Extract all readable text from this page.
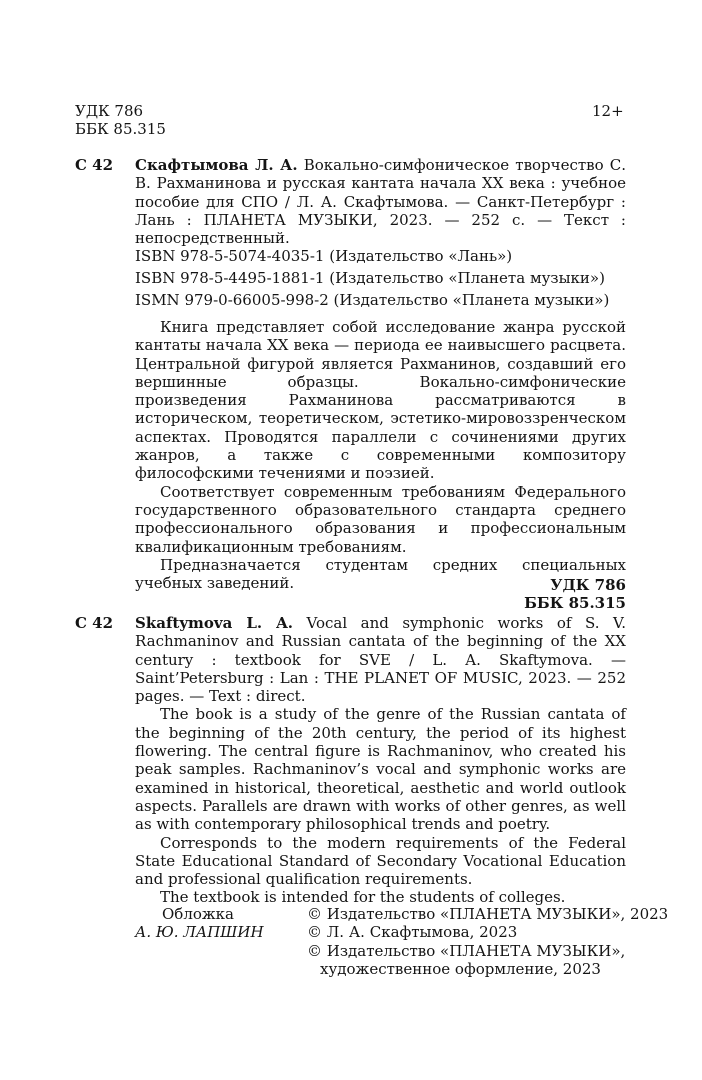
УДК 786
ББК 85.315
12+
С 42 Скафтымова Л. А. Вокально-симфоническое творчество С. В. Рахманинова и русская кантата начала XX века : учебное пособие для СПО / Л. А. Скафтымова. — Санкт-Петербург : Лань : ПЛАНЕТА МУЗЫКИ, 2023. — 252 с. — Текст : непосредственный.

ISBN 978-5-5074-4035-1 (Издательство «Лань»)

ISBN 978-5-4495-1881-1 (Издательство «Планета музыки»)

ISMN 979-0-66005-998-2 (Издательство «Планета музыки»)

Книга представляет собой исследование жанра русской кантаты начала XX века — периода ее наивысшего расцвета. Центральной фигурой является Рахманинов, создавший его вершинные образцы. Вокально-симфонические произведения Рахманинова рассматриваются в историческом, теоретическом, эстетико-мировоззренческом аспектах. Проводятся параллели с сочинениями других жанров, а также с современными композитору философскими течениями и поэзией.

Соответствует современным требованиям Федерального государственного образовательного стандарта среднего профессионального образования и профессиональным квалификационным требованиям.

Предназначается студентам средних специальных учебных заведений.	УДК 786
ББК 85.315
С 42 Skaftymova L. A. Vocal and symphonic works of S. V. Rachmaninov and Russian cantata of the beginning of the XX century : textbook for SVE / L. A. Skaftymova. — Saint’Petersburg : Lan : THE PLANET OF MUSIC, 2023. — 252 pages. — Text : direct.

The book is a study of the genre of the Russian cantata of the beginning of the 20th century, the period of its highest flowering. The central figure is Rachmaninov, who created his peak samples. Rachmaninov’s vocal and symphonic works are examined in historical, theoretical, aesthetic and world outlook aspects. Parallels are drawn with works of other genres, as well as with contemporary philosophical trends and poetry.

Corresponds to the modern requirements of the Federal State Educational Standard of Secondary Vocational Education and professional qualification requirements.

The textbook is intended for the students of colleges.

Обложка
А. Ю. ЛАПШИН
© Издательство «ПЛАНЕТА МУЗЫКИ», 2023
© Л. А. Скафтымова, 2023
© Издательство «ПЛАНЕТА МУЗЫКИ»,
художественное оформление, 2023
